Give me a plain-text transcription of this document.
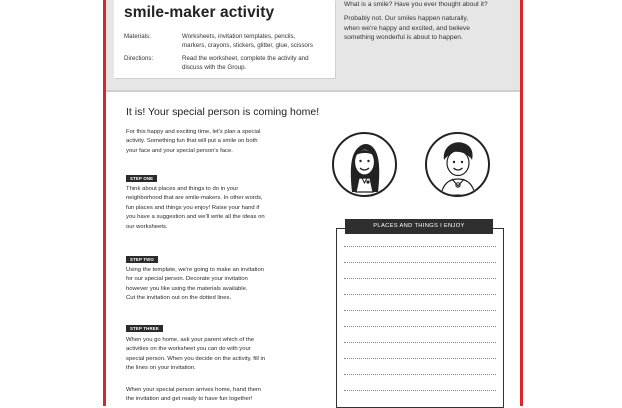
smile-maker activity
Materials:	Worksheets, invitation templates, pencils,
markers, crayons, stickers, glitter, glue, scissors
Directions:	Read the worksheet, complete the activity and
discuss with the Group.
What is a smile? Have you ever thought about it?
Probably not. Our smiles happen naturally,
when we're happy and excited, and believe
something wonderful is about to happen.
It is! Your special person is coming home!
For this happy and exciting time, let's plan a special
activity. Something fun that will put a smile on both
your face and your special person's face.
STEP ONE
Think about places and things to do in your
neighborhood that are smile-makers. In other words,
fun places and things you enjoy! Raise your hand if
you have a suggestion and we'll write all the ideas on
our worksheets.
STEP TWO
Using the template, we're going to make an invitation
for our special person. Decorate your invitation
however you like using the materials available.
Cut the invitation out on the dotted lines.
STEP THREE
When you go home, ask your parent which of the
activities on the worksheet you can do with your
special person. When you decide on the activity, fill in
the lines on your invitation.
When your special person arrives home, hand them
the invitation and get ready to have fun together!
PLACES AND THINGS I ENJOY
